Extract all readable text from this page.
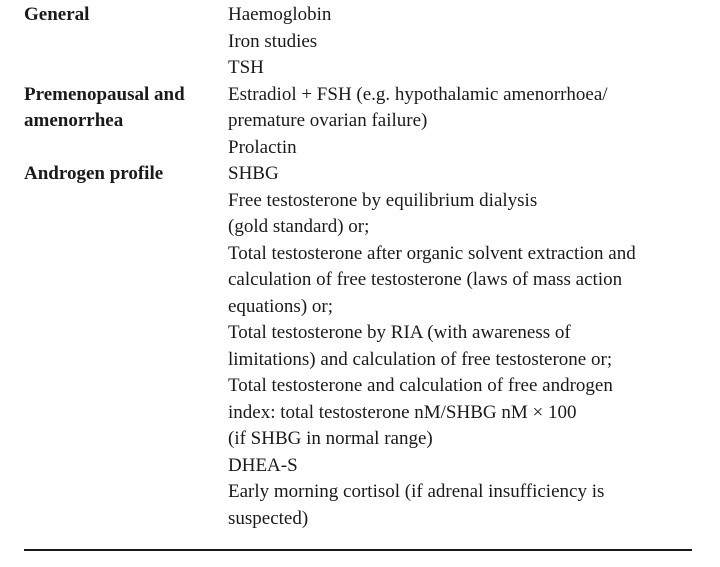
General	Haemoglobin
Iron studies
TSH
Premenopausal and
amenorrhea
Estradiol + FSH (e.g. hypothalamic amenorrhoea/
premature ovarian failure)
Prolactin
Androgen profile	SHBG
Free testosterone by equilibrium dialysis
(gold standard) or;
Total testosterone after organic solvent extraction and
calculation of free testosterone (laws of mass action
equations) or;
Total testosterone by RIA (with awareness of
limitations) and calculation of free testosterone or;
Total testosterone and calculation of free androgen
index: total testosterone nM/SHBG nM × 100
(if SHBG in normal range)
DHEA-S
Early morning cortisol (if adrenal insufficiency is
suspected)
